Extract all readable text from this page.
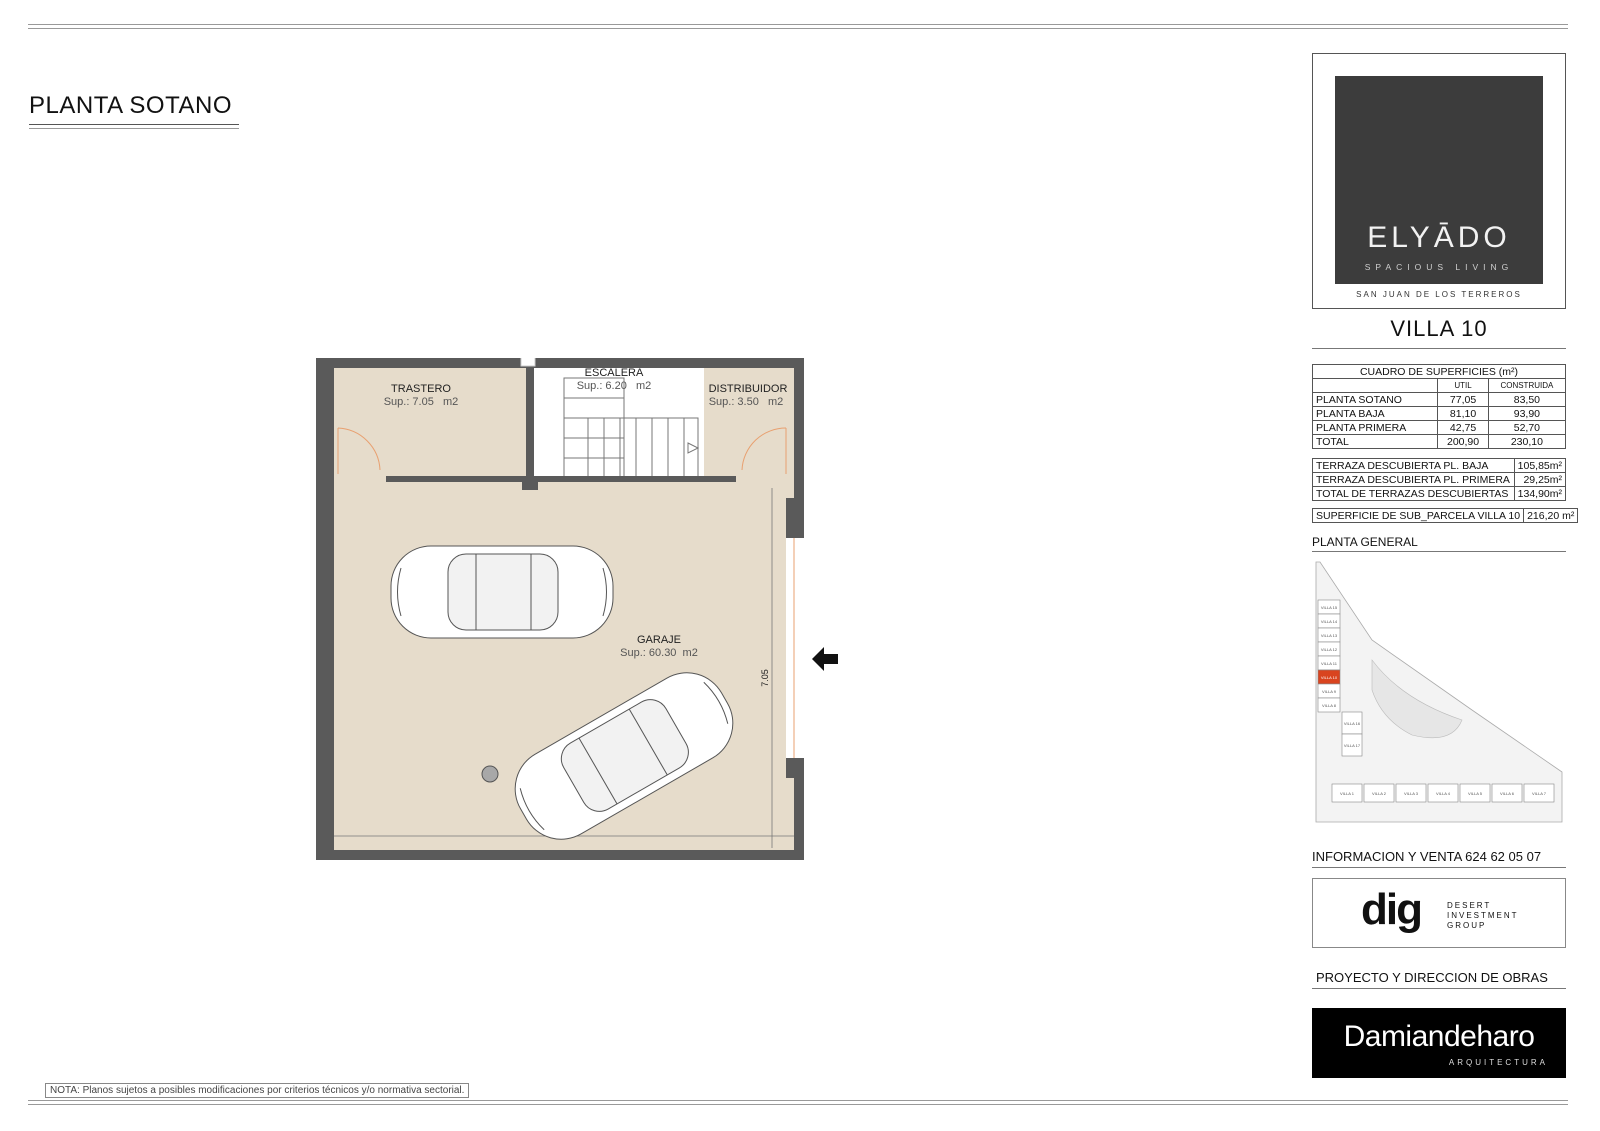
PLANTA SOTANO
7.05
TRASTERO
Sup.: 7.05   m2
ESCALERA
Sup.: 6.20   m2	DISTRIBUIDOR
Sup.: 3.50   m2
GARAJE
Sup.: 60.30  m2
ELYĀDO
SPACIOUS LIVING
SAN JUAN DE LOS TERREROS
VILLA 10
CUADRO DE SUPERFICIES (m²)		
	UTIL	CONSTRUIDA
PLANTA SOTANO	77,05	83,50
PLANTA BAJA	81,10	93,90
PLANTA PRIMERA	42,75	52,70
TOTAL	200,90	230,10
TERRAZA DESCUBIERTA PL. BAJA	105,85m²
TERRAZA DESCUBIERTA PL. PRIMERA	29,25m²
TOTAL DE TERRAZAS DESCUBIERTAS	134,90m²
SUPERFICIE DE SUB_PARCELA VILLA 10	216,20 m²
PLANTA GENERAL
VILLA 15
VILLA 14
VILLA 13
VILLA 12
VILLA 11
VILLA 10
VILLA 9
VILLA 8
VILLA 16
VILLA 17
VILLA 1	VILLA 2	VILLA 3	VILLA 4	VILLA 5	VILLA 6	VILLA 7
INFORMACION Y VENTA 624 62 05 07
dig	DESERT INVESTMENT GROUP
PROYECTO Y DIRECCION DE OBRAS
Damiandeharo
ARQUITECTURA
NOTA: Planos sujetos a posibles modificaciones por criterios técnicos y/o normativa sectorial.
